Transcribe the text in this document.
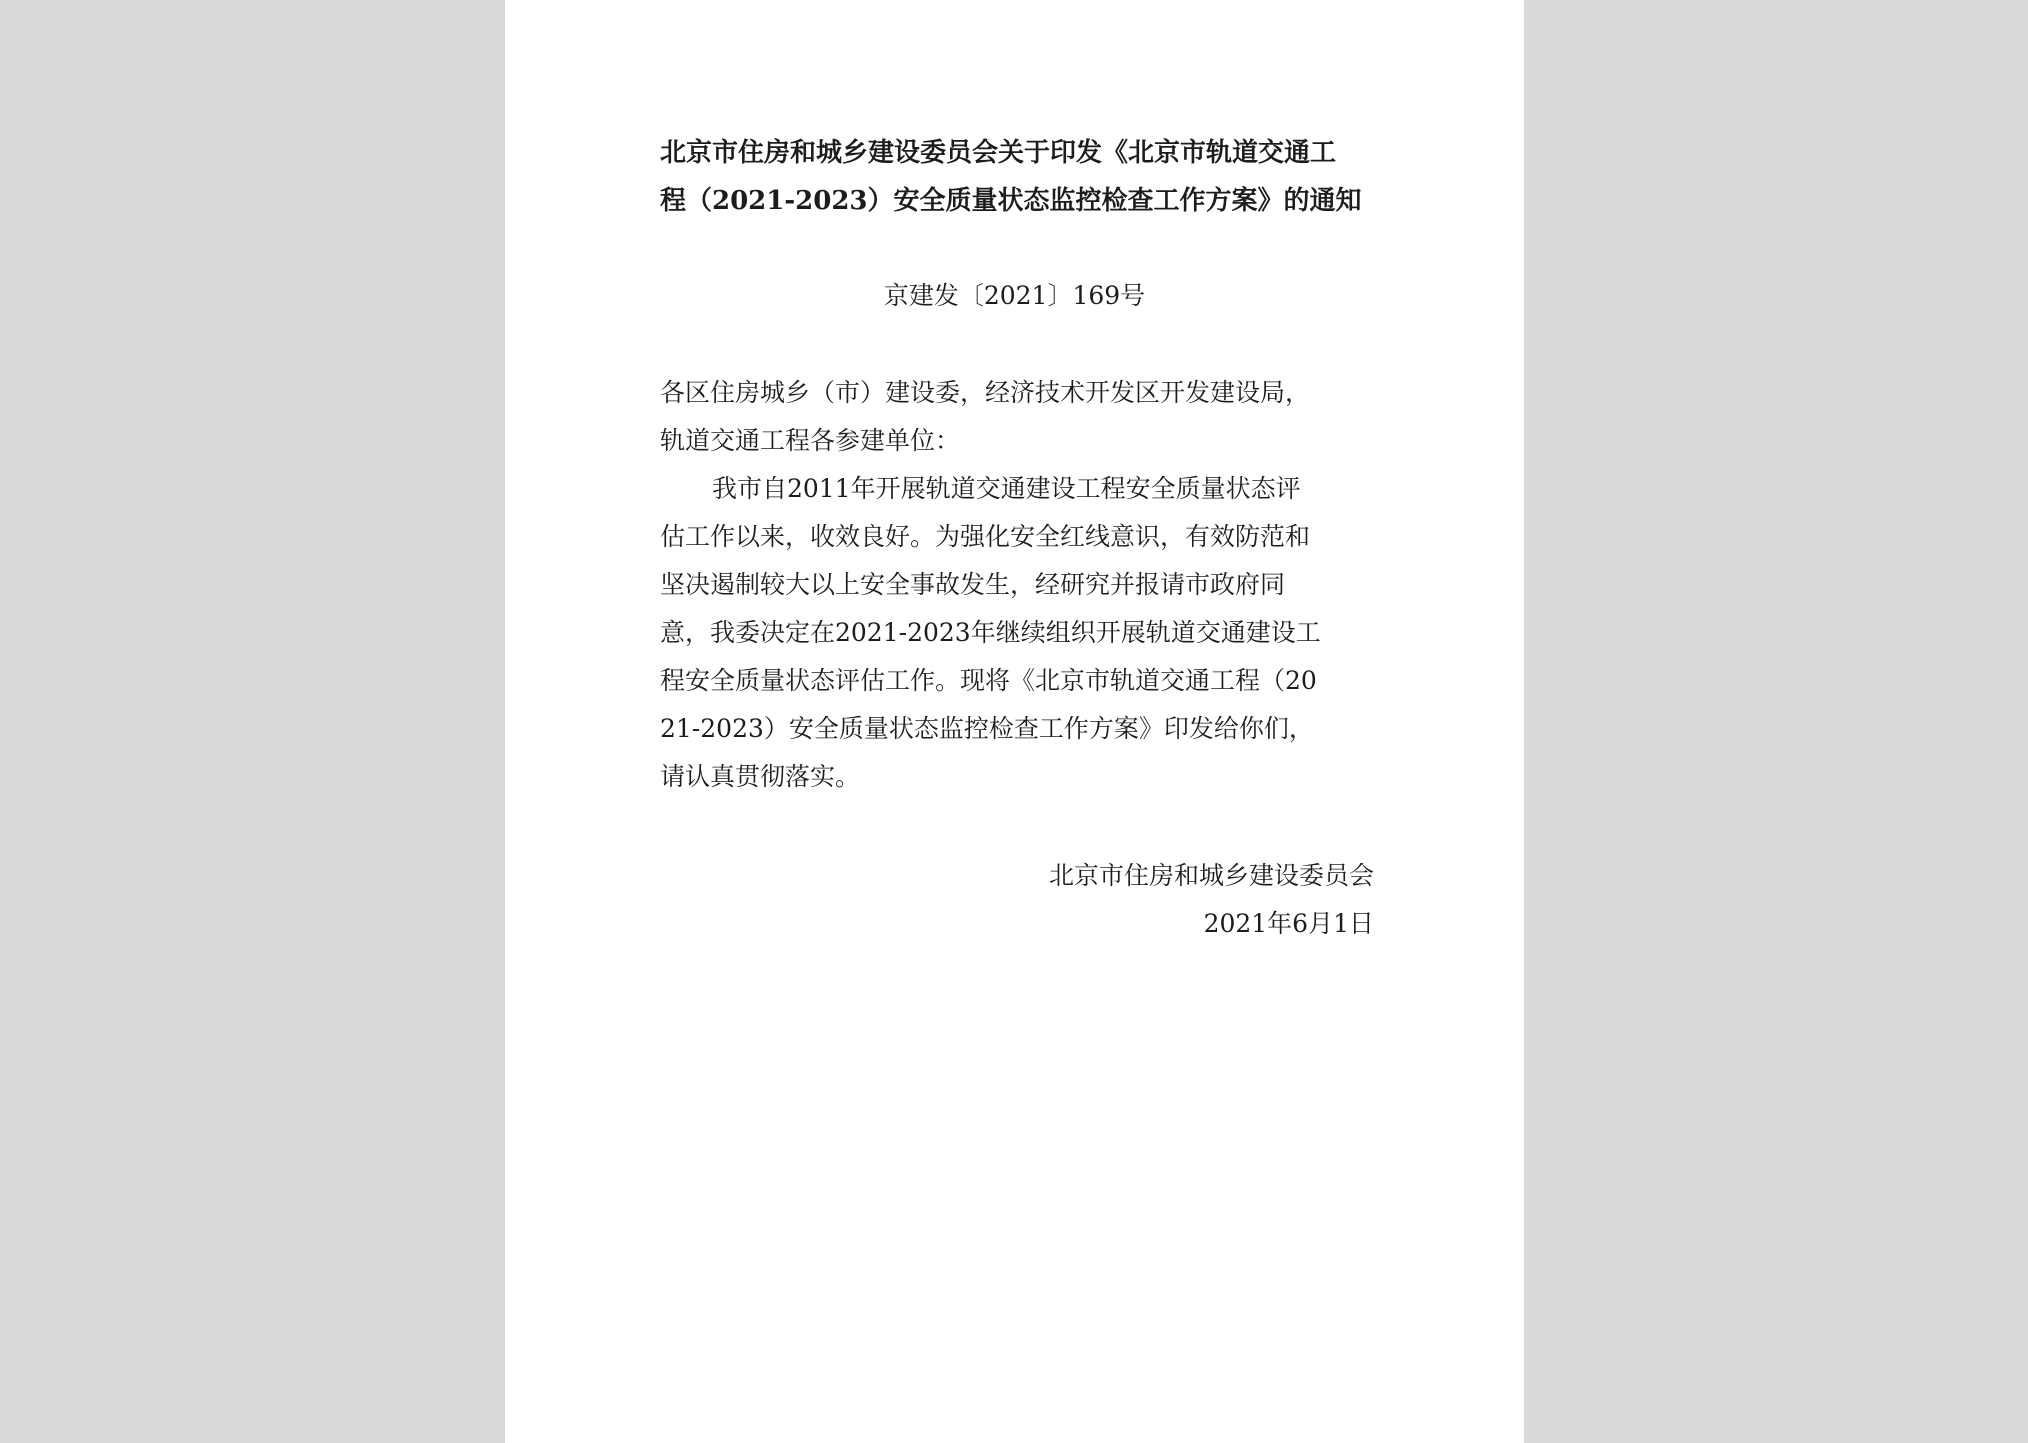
北京市住房和城乡建设委员会关于印发《北京市轨道交通工
程（2021-2023）安全质量状态监控检查工作方案》的通知
京建发〔2021〕169号
各区住房城乡（市）建设委，经济技术开发区开发建设局，
轨道交通工程各参建单位：
我市自2011年开展轨道交通建设工程安全质量状态评
估工作以来，收效良好。为强化安全红线意识，有效防范和
坚决遏制较大以上安全事故发生，经研究并报请市政府同
意，我委决定在2021-2023年继续组织开展轨道交通建设工
程安全质量状态评估工作。现将《北京市轨道交通工程（20
21-2023）安全质量状态监控检查工作方案》印发给你们，
请认真贯彻落实。
北京市住房和城乡建设委员会
2021年6月1日
